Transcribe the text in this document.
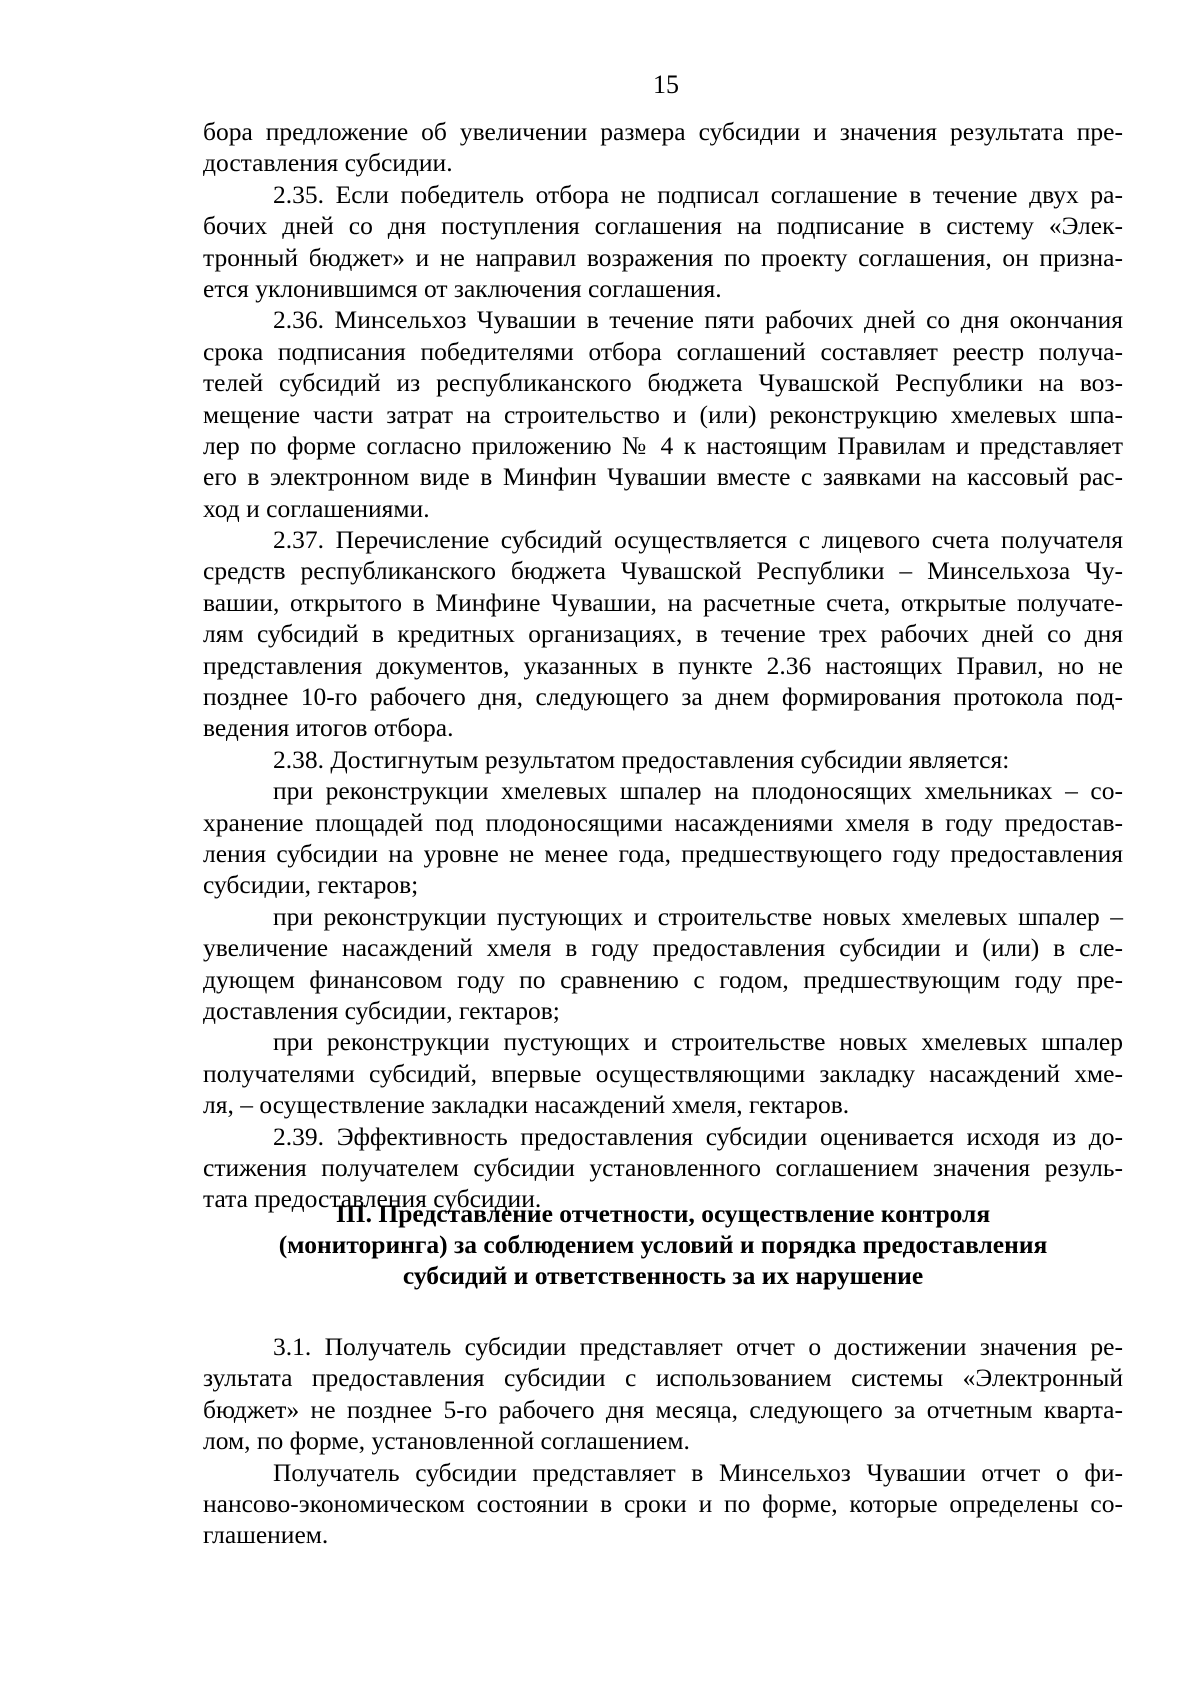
15
бора предложение об увеличении размера субсидии и значения результата пре-
доставления субсидии.
2.35. Если победитель отбора не подписал соглашение в течение двух ра-
бочих дней со дня поступления соглашения на подписание в систему «Элек-
тронный бюджет» и не направил возражения по проекту соглашения, он призна-
ется уклонившимся от заключения соглашения.
2.36. Минсельхоз Чувашии в течение пяти рабочих дней со дня окончания
срока подписания победителями отбора соглашений составляет реестр получа-
телей субсидий из республиканского бюджета Чувашской Республики на воз-
мещение части затрат на строительство и (или) реконструкцию хмелевых шпа-
лер по форме согласно приложению № 4 к настоящим Правилам и представляет
его в электронном виде в Минфин Чувашии вместе с заявками на кассовый рас-
ход и соглашениями.
2.37. Перечисление субсидий осуществляется с лицевого счета получателя
средств республиканского бюджета Чувашской Республики – Минсельхоза Чу-
вашии, открытого в Минфине Чувашии, на расчетные счета, открытые получате-
лям субсидий в кредитных организациях, в течение трех рабочих дней со дня
представления документов, указанных в пункте 2.36 настоящих Правил, но не
позднее 10-го рабочего дня, следующего за днем формирования протокола под-
ведения итогов отбора.
2.38. Достигнутым результатом предоставления субсидии является:
при реконструкции хмелевых шпалер на плодоносящих хмельниках – со-
хранение площадей под плодоносящими насаждениями хмеля в году предостав-
ления субсидии на уровне не менее года, предшествующего году предоставления
субсидии, гектаров;
при реконструкции пустующих и строительстве новых хмелевых шпалер –
увеличение насаждений хмеля в году предоставления субсидии и (или) в сле-
дующем финансовом году по сравнению с годом, предшествующим году пре-
доставления субсидии, гектаров;
при реконструкции пустующих и строительстве новых хмелевых шпалер
получателями субсидий, впервые осуществляющими закладку насаждений хме-
ля, – осуществление закладки насаждений хмеля, гектаров.
2.39. Эффективность предоставления субсидии оценивается исходя из до-
стижения получателем субсидии установленного соглашением значения резуль-
тата предоставления субсидии.
III. Представление отчетности, осуществление контроля
(мониторинга) за соблюдением условий и порядка предоставления
субсидий и ответственность за их нарушение
3.1. Получатель субсидии представляет отчет о достижении значения ре-
зультата предоставления субсидии с использованием системы «Электронный
бюджет» не позднее 5-го рабочего дня месяца, следующего за отчетным кварта-
лом, по форме, установленной соглашением.
Получатель субсидии представляет в Минсельхоз Чувашии отчет о фи-
нансово-экономическом состоянии в сроки и по форме, которые определены со-
глашением.
